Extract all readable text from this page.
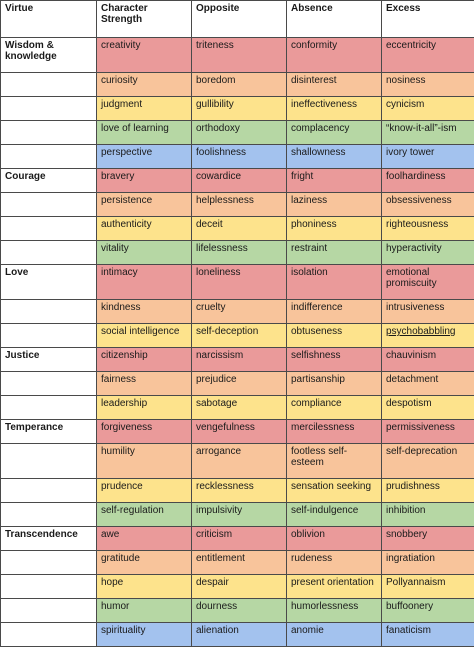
Virtue	Character Strength	Opposite	Absence	Excess
Wisdom & knowledge	creativity	triteness	conformity	eccentricity
	curiosity	boredom	disinterest	nosiness
	judgment	gullibility	ineffectiveness	cynicism
	love of learning	orthodoxy	complacency	“know-it-all”-ism
	perspective	foolishness	shallowness	ivory tower
Courage	bravery	cowardice	fright	foolhardiness
	persistence	helplessness	laziness	obsessiveness
	authenticity	deceit	phoniness	righteousness
	vitality	lifelessness	restraint	hyperactivity
Love	intimacy	loneliness	isolation	emotional promiscuity
	kindness	cruelty	indifference	intrusiveness
	social intelligence	self-deception	obtuseness	psychobabbling
Justice	citizenship	narcissism	selfishness	chauvinism
	fairness	prejudice	partisanship	detachment
	leadership	sabotage	compliance	despotism
Temperance	forgiveness	vengefulness	mercilessness	permissiveness
	humility	arrogance	footless self-esteem	self-deprecation
	prudence	recklessness	sensation seeking	prudishness
	self-regulation	impulsivity	self-indulgence	inhibition
Transcendence	awe	criticism	oblivion	snobbery
	gratitude	entitlement	rudeness	ingratiation
	hope	despair	present orientation	Pollyannaism
	humor	dourness	humorlessness	buffoonery
	spirituality	alienation	anomie	fanaticism
